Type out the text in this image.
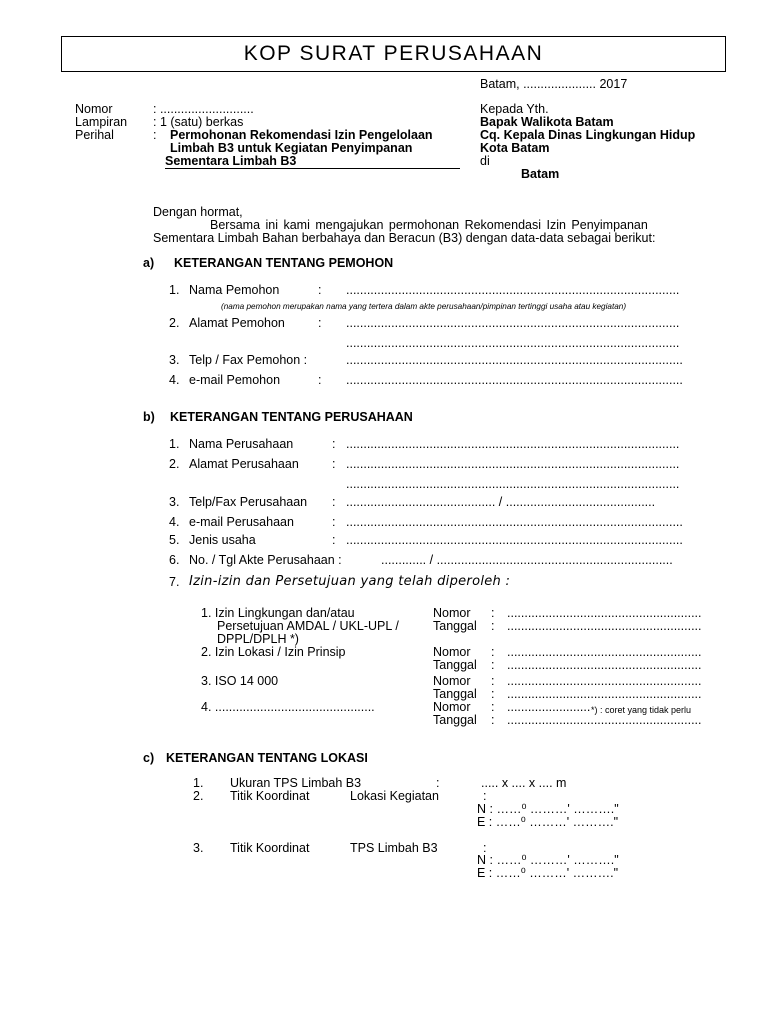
KOP SURAT PERUSAHAAN
Batam, ..................... 2017
Nomor	: ...........................
Lampiran : 1 (satu) berkas
Perihal	: Permohonan Rekomendasi Izin Pengelolaan
Limbah B3 untuk Kegiatan Penyimpanan
Sementara Limbah B3
Kepada Yth.
Bapak Walikota Batam
Cq. Kepala Dinas Lingkungan Hidup
Kota Batam
di
Batam
Dengan hormat,
Bersama ini kami mengajukan permohonan Rekomendasi Izin Penyimpanan
Sementara Limbah Bahan berbahaya dan Beracun (B3) dengan data-data sebagai berikut:
a) KETERANGAN TENTANG PEMOHON
1. Nama Pemohon	: ................................................................................................
(nama pemohon merupakan nama yang tertera dalam akte perusahaan/pimpinan tertinggi usaha atau kegiatan)
2. Alamat Pemohon	: ................................................................................................
................................................................................................
3. Telp / Fax Pemohon :	.................................................................................................
4. e-mail Pemohon	: .................................................................................................
b) KETERANGAN TENTANG PERUSAHAAN
1. Nama Perusahaan	: ................................................................................................
2. Alamat Perusahaan	: ................................................................................................
................................................................................................
3. Telp/Fax Perusahaan : ........................................... / ...........................................
4. e-mail Perusahaan	: .................................................................................................
5. Jenis usaha	: .................................................................................................
6. No. / Tgl Akte Perusahaan :	............. / ....................................................................
7. Izin-izin dan Persetujuan yang telah diperoleh :
1. Izin Lingkungan dan/atau
Persetujuan AMDAL / UKL-UPL /
DPPL/DPLH *)
Nomor : ........................................................
Tanggal : ........................................................
2. Izin Lokasi / Izin Prinsip	Nomor : ........................................................
Tanggal : ........................................................
3. ISO 14 000	Nomor : ........................................................
Tanggal : ........................................................
4. ..............................................	Nomor : ........................ *) : coret yang tidak perlu
Tanggal : ........................................................
c) KETERANGAN TENTANG LOKASI
1. Ukuran TPS Limbah B3	:	..... x .... x .... m
2. Titik Koordinat	Lokasi Kegiatan	:
N : ……⁰ ………' ………."
E : ……⁰ ………' ………."
3. Titik Koordinat	TPS Limbah B3	:
N : ……⁰ ………' ………."
E : ……⁰ ………' ………."
